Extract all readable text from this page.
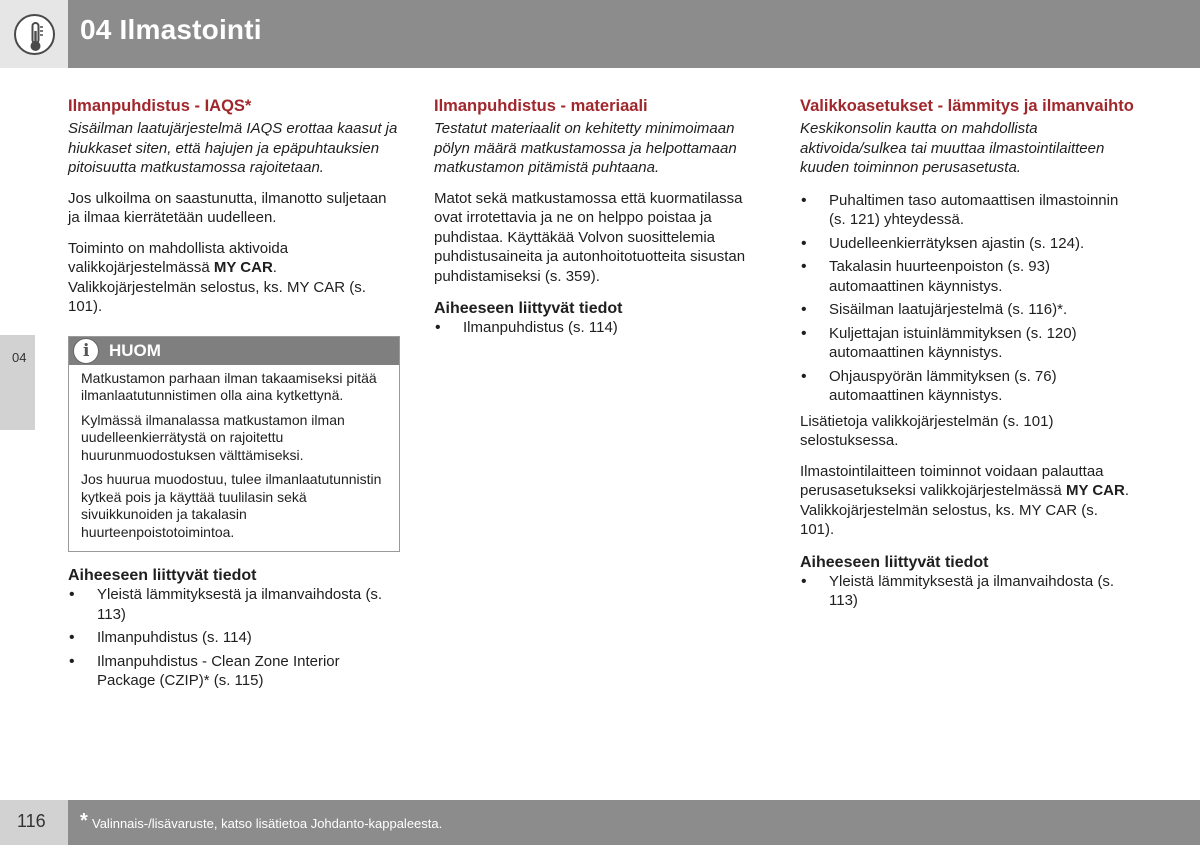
04 Ilmastointi
04
Ilmanpuhdistus - IAQS*

Sisäilman laatujärjestelmä IAQS erottaa kaasut ja hiukkaset siten, että hajujen ja epäpuhtauksien pitoisuutta matkustamossa rajoitetaan.

Jos ulkoilma on saastunutta, ilmanotto suljetaan ja ilmaa kierrätetään uudelleen.

Toiminto on mahdollista aktivoida valikkojärjestelmässä MY CAR. Valikkojärjestelmän selostus, ks. MY CAR (s. 101).

i HUOM

Matkustamon parhaan ilman takaamiseksi pitää ilmanlaatutunnistimen olla aina kytkettynä.

Kylmässä ilmanalassa matkustamon ilman uudelleenkierrätystä on rajoitettu huurunmuodostuksen välttämiseksi.

Jos huurua muodostuu, tulee ilmanlaatutunnistin kytkeä pois ja käyttää tuulilasin sekä sivuikkunoiden ja takalasin huurteenpoistotoimintoa.

Aiheeseen liittyvät tiedot
• Yleistä lämmityksestä ja ilmanvaihdosta (s. 113)
• Ilmanpuhdistus (s. 114)
• Ilmanpuhdistus - Clean Zone Interior Package (CZIP)* (s. 115)
Ilmanpuhdistus - materiaali

Testatut materiaalit on kehitetty minimoimaan pölyn määrä matkustamossa ja helpottamaan matkustamon pitämistä puhtaana.

Matot sekä matkustamossa että kuormatilassa ovat irrotettavia ja ne on helppo poistaa ja puhdistaa. Käyttäkää Volvon suosittelemia puhdistusaineita ja autonhoitotuotteita sisustan puhdistamiseksi (s. 359).

Aiheeseen liittyvät tiedot
• Ilmanpuhdistus (s. 114)
Valikkoasetukset - lämmitys ja ilmanvaihto

Keskikonsolin kautta on mahdollista aktivoida/sulkea tai muuttaa ilmastointilaitteen kuuden toiminnon perusasetusta.

• Puhaltimen taso automaattisen ilmastoinnin (s. 121) yhteydessä.
• Uudelleenkierrätyksen ajastin (s. 124).
• Takalasin huurteenpoiston (s. 93) automaattinen käynnistys.
• Sisäilman laatujärjestelmä (s. 116)*.
• Kuljettajan istuinlämmityksen (s. 120) automaattinen käynnistys.
• Ohjauspyörän lämmityksen (s. 76) automaattinen käynnistys.

Lisätietoja valikkojärjestelmän (s. 101) selostuksessa.

Ilmastointilaitteen toiminnot voidaan palauttaa perusasetukseksi valikkojärjestelmässä MY CAR. Valikkojärjestelmän selostus, ks. MY CAR (s. 101).

Aiheeseen liittyvät tiedot
• Yleistä lämmityksestä ja ilmanvaihdosta (s. 113)
116 * Valinnais-/lisävaruste, katso lisätietoa Johdanto-kappaleesta.
